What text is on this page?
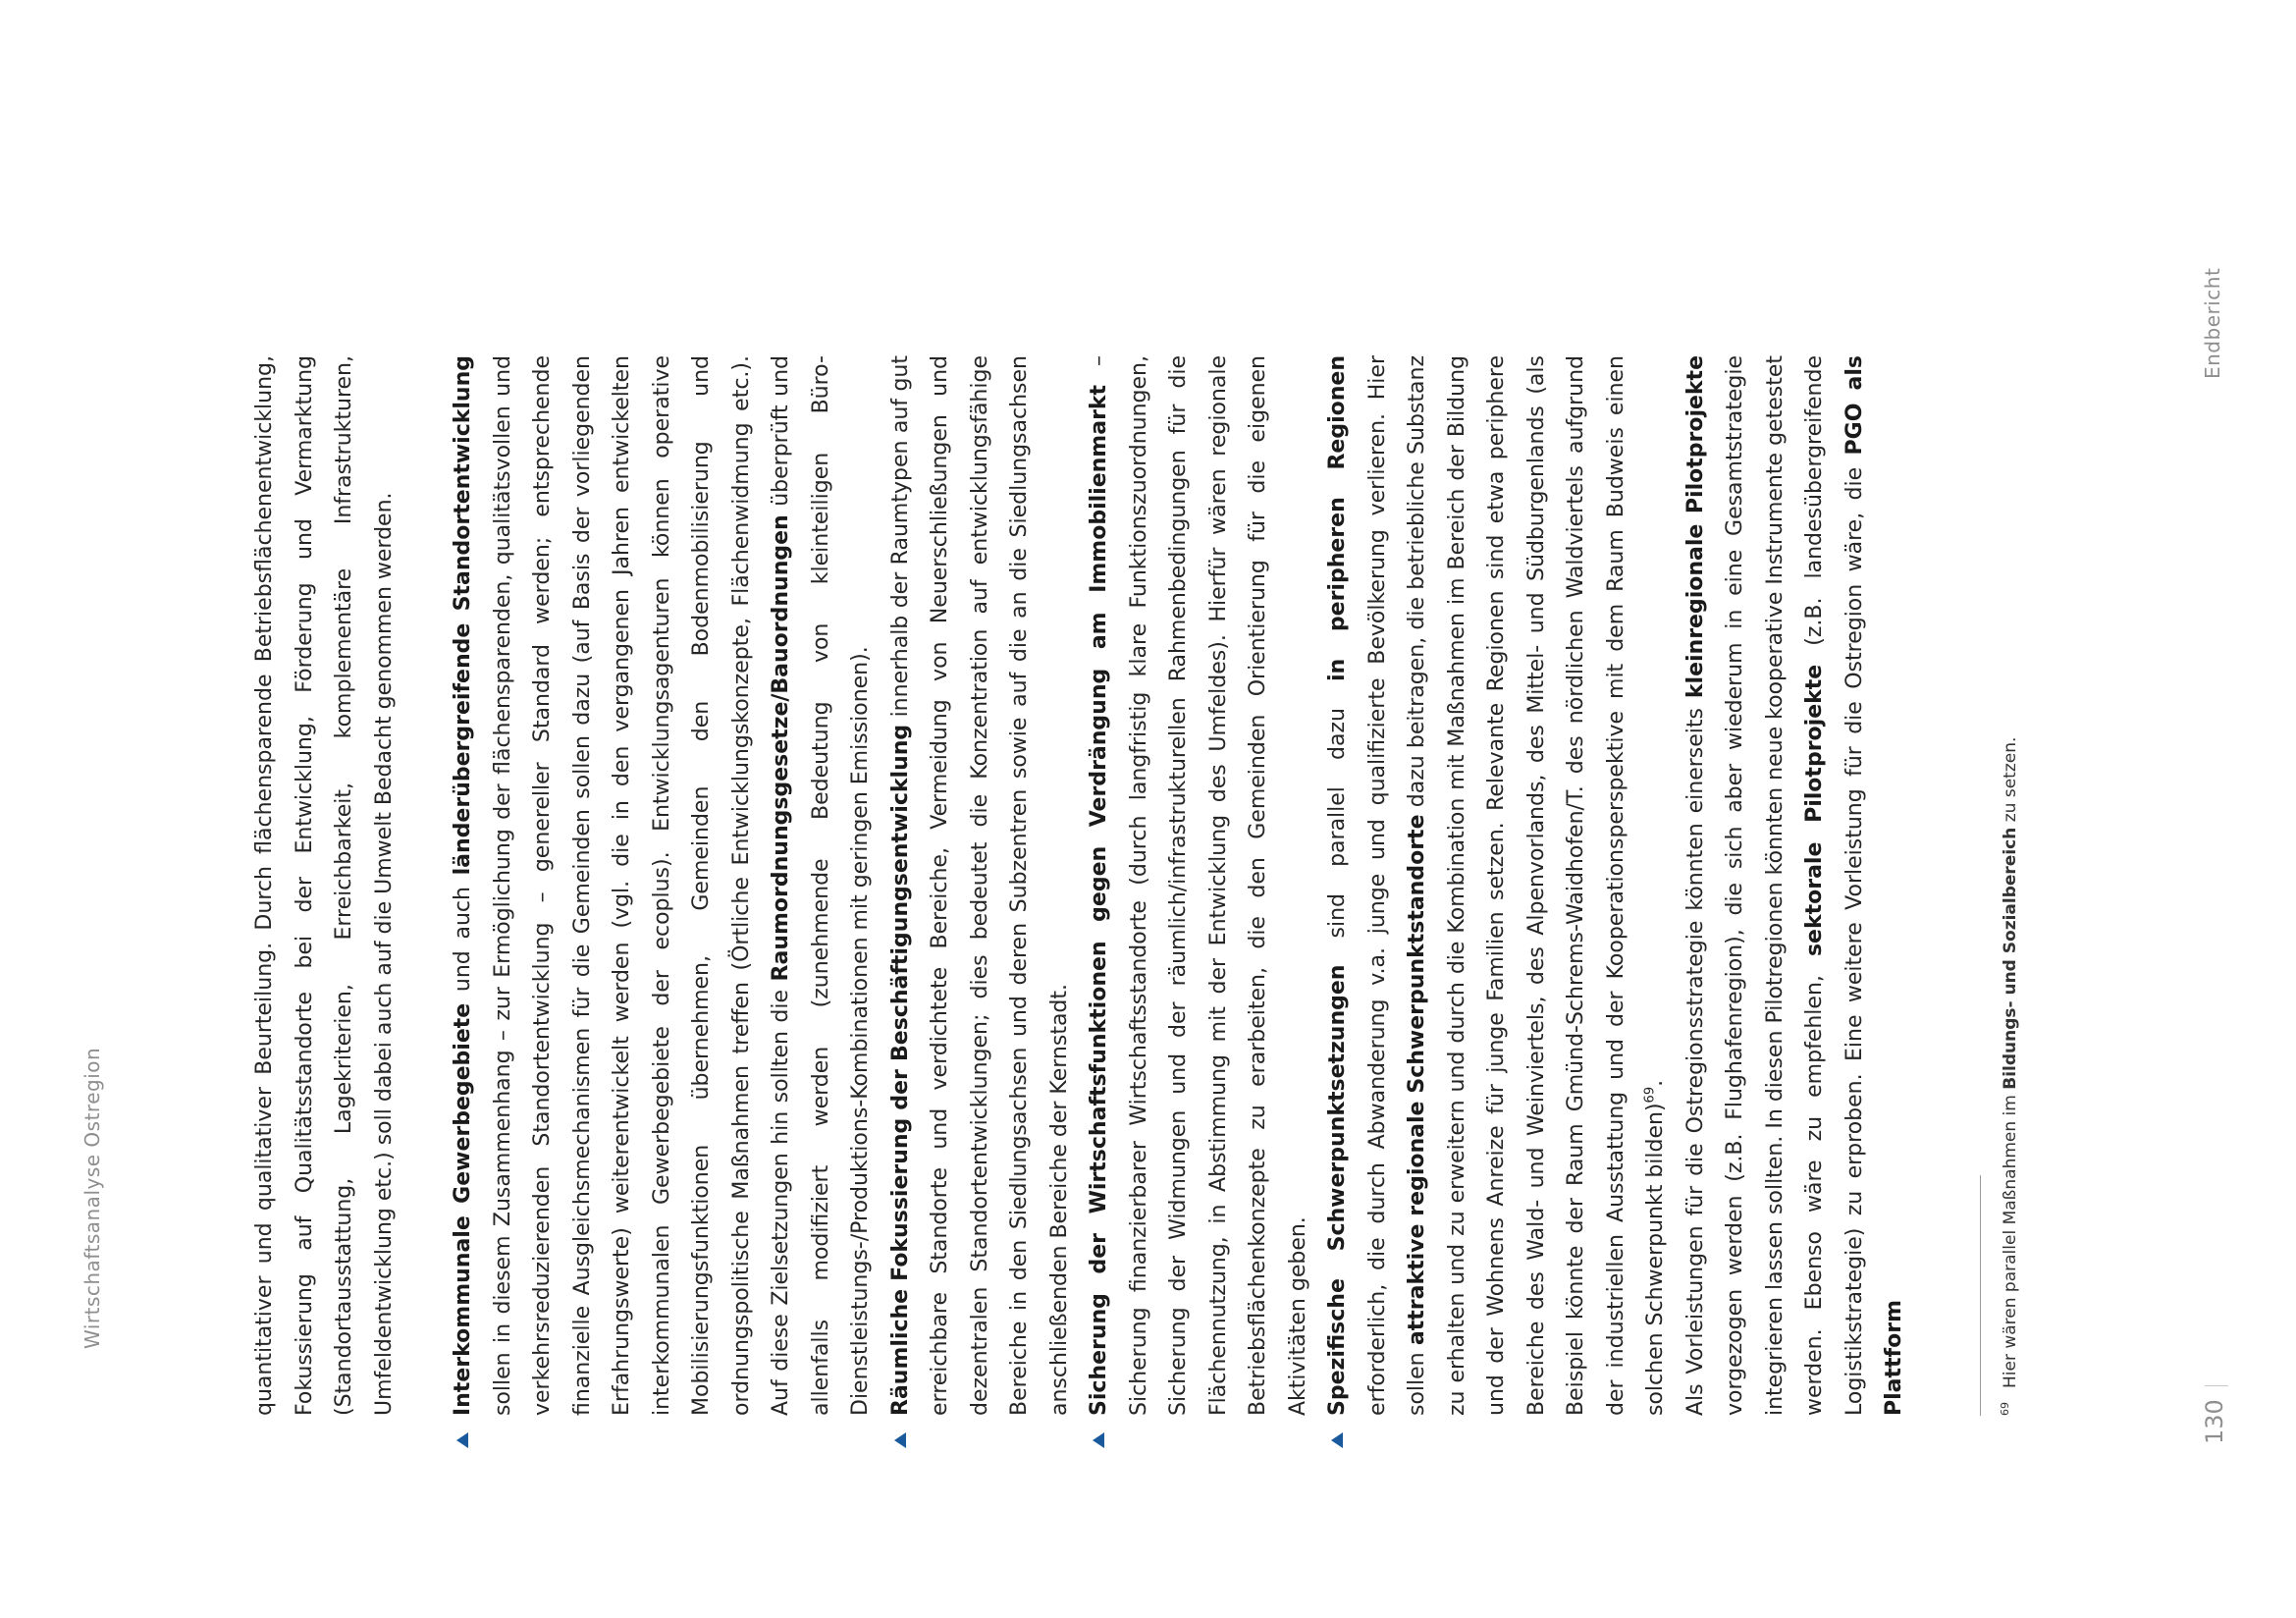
Wirtschaftsanalyse Ostregion
Endbericht
130

quantitativer und qualitativer Beurteilung. Durch flächensparende Betriebsflächenentwicklung, Fokussierung auf Qualitätsstandorte bei der Entwicklung, Förderung und Vermarktung (Standortausstattung, Lagekriterien, Erreichbarkeit, komplementäre Infrastrukturen, Umfeldentwicklung etc.) soll dabei auch auf die Umwelt Bedacht genommen werden.	Interkommunale Gewerbegebiete und auch länderübergreifende Standortentwicklung sollen in diesem Zusammenhang – zur Ermöglichung der flächensparenden, qualitätsvollen und verkehrsreduzierenden Standortentwicklung – genereller Standard werden; entsprechende finanzielle Ausgleichsmechanismen für die Gemeinden sollen dazu (auf Basis der vorliegenden Erfahrungswerte) weiterentwickelt werden (vgl. die in den vergangenen Jahren entwickelten interkommunalen Gewerbegebiete der ecoplus). Entwicklungsagenturen können operative Mobilisierungsfunktionen übernehmen, Gemeinden den Bodenmobilisierung und ordnungspolitische Maßnahmen treffen (Örtliche Entwicklungskonzepte, Flächenwidmung etc.). Auf diese Zielsetzungen hin sollten die Raumordnungsgesetze/Bauordnungen überprüft und allenfalls modifiziert werden (zunehmende Bedeutung von kleinteiligen Büro-Dienstleistungs-/Produktions-Kombinationen mit geringen Emissionen). Räumliche Fokussierung der Beschäftigungsentwicklung innerhalb der Raumtypen auf gut erreichbare Standorte und verdichtete Bereiche, Vermeidung von Neuerschließungen und dezentralen Standortentwicklungen; dies bedeutet die Konzentration auf entwicklungsfähige Bereiche in den Siedlungsachsen und deren Subzentren sowie auf die an die Siedlungsachsen anschließenden Bereiche der Kernstadt. Sicherung der Wirtschaftsfunktionen gegen Verdrängung am Immobilienmarkt – Sicherung finanzierbarer Wirtschaftsstandorte (durch langfristig klare Funktionszuordnungen, Sicherung der Widmungen und der räumlich/infrastrukturellen Rahmenbedingungen für die Flächennutzung, in Abstimmung mit der Entwicklung des Umfeldes). Hierfür wären regionale Betriebsflächenkonzepte zu erarbeiten, die den Gemeinden Orientierung für die eigenen Aktivitäten geben. Spezifische Schwerpunktsetzungen sind parallel dazu in peripheren Regionen erforderlich, die durch Abwanderung v.a. junge und qualifizierte Bevölkerung verlieren. Hier sollen attraktive regionale Schwerpunktstandorte dazu beitragen, die betriebliche Substanz zu erhalten und zu erweitern und durch die Kombination mit Maßnahmen im Bereich der Bildung und der Wohnens Anreize für junge Familien setzen. Relevante Regionen sind etwa periphere Bereiche des Wald- und Weinviertels, des Alpenvorlands, des Mittel- und Südburgenlands (als Beispiel könnte der Raum Gmünd-Schrems-Waidhofen/T. des nördlichen Waldviertels aufgrund der industriellen Ausstattung und der Kooperationsperspektive mit dem Raum Budweis einen solchen Schwerpunkt bilden)$^{69}$. Als Vorleistungen für die Ostregionsstrategie könnten einerseits kleinregionale Pilotprojekte vorgezogen werden (z.B. Flughafenregion), die sich aber wiederum in eine Gesamtstrategie integrieren lassen sollten. In diesen Pilotregionen könnten neue kooperative Instrumente getestet werden. Ebenso wäre zu empfehlen, sektorale Pilotprojekte (z.B. landesübergreifende Logistikstrategie) zu erproben. Eine weitere Vorleistung für die Ostregion wäre, die PGO als Plattform	$^{69}$Hier wären parallel Maßnahmen im Bildungs- und Sozialbereich zu setzen.
